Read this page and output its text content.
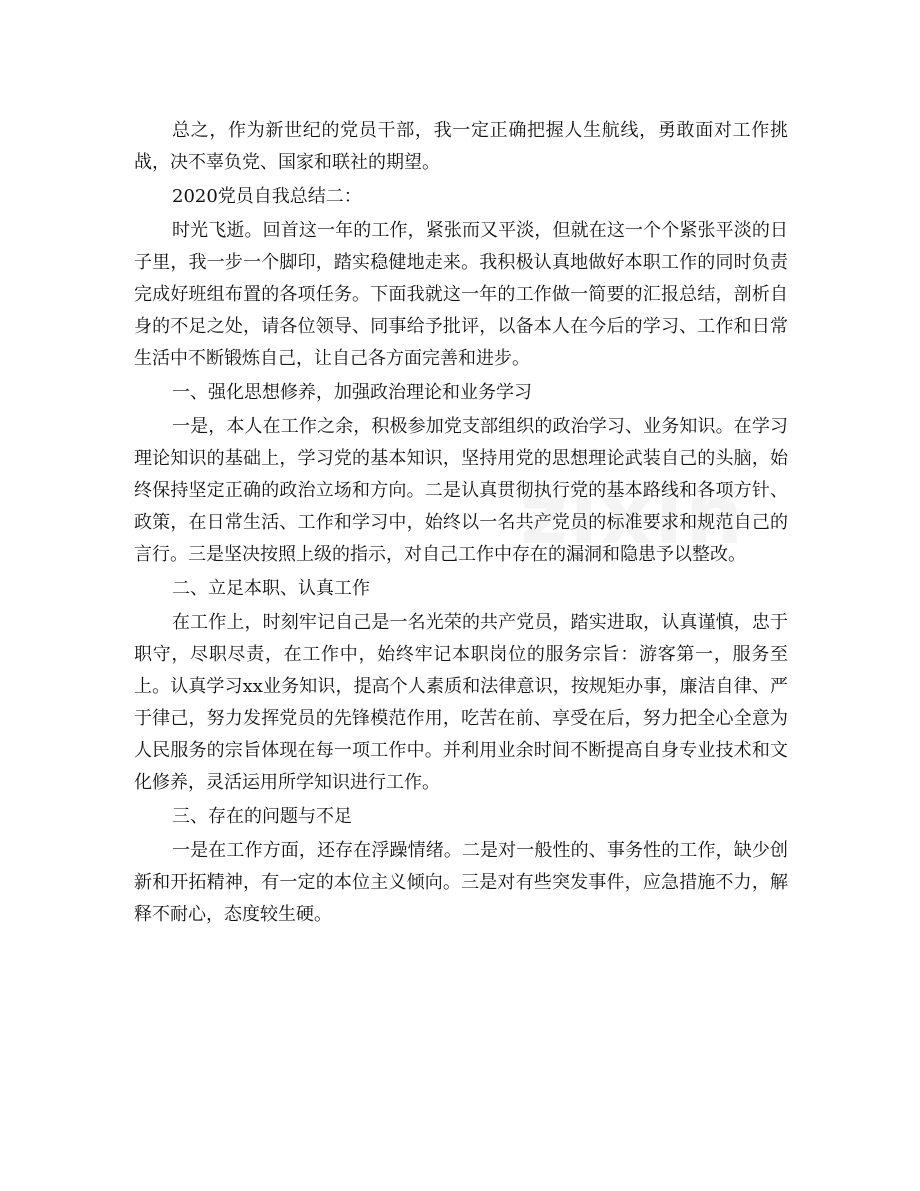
总之，作为新世纪的党员干部，我一定正确把握人生航线，勇敢面对工作挑战，决不辜负党、国家和联社的期望。

2020党员自我总结二：

时光飞逝。回首这一年的工作，紧张而又平淡，但就在这一个个紧张平淡的日子里，我一步一个脚印，踏实稳健地走来。我积极认真地做好本职工作的同时负责完成好班组布置的各项任务。下面我就这一年的工作做一简要的汇报总结，剖析自身的不足之处，请各位领导、同事给予批评，以备本人在今后的学习、工作和日常生活中不断锻炼自己，让自己各方面完善和进步。

一、强化思想修养，加强政治理论和业务学习

一是，本人在工作之余，积极参加党支部组织的政治学习、业务知识。在学习理论知识的基础上，学习党的基本知识，坚持用党的思想理论武装自己的头脑，始终保持坚定正确的政治立场和方向。二是认真贯彻执行党的基本路线和各项方针、政策，在日常生活、工作和学习中，始终以一名共产党员的标准要求和规范自己的言行。三是坚决按照上级的指示，对自己工作中存在的漏洞和隐患予以整改。

二、立足本职、认真工作

在工作上，时刻牢记自己是一名光荣的共产党员，踏实进取，认真谨慎，忠于职守，尽职尽责，在工作中，始终牢记本职岗位的服务宗旨：游客第一，服务至上。认真学习xx业务知识，提高个人素质和法律意识，按规矩办事，廉洁自律、严于律己，努力发挥党员的先锋模范作用，吃苦在前、享受在后，努力把全心全意为人民服务的宗旨体现在每一项工作中。并利用业余时间不断提高自身专业技术和文化修养，灵活运用所学知识进行工作。

三、存在的问题与不足

一是在工作方面，还存在浮躁情绪。二是对一般性的、事务性的工作，缺少创新和开拓精神，有一定的本位主义倾向。三是对有些突发事件，应急措施不力，解释不耐心，态度较生硬。
